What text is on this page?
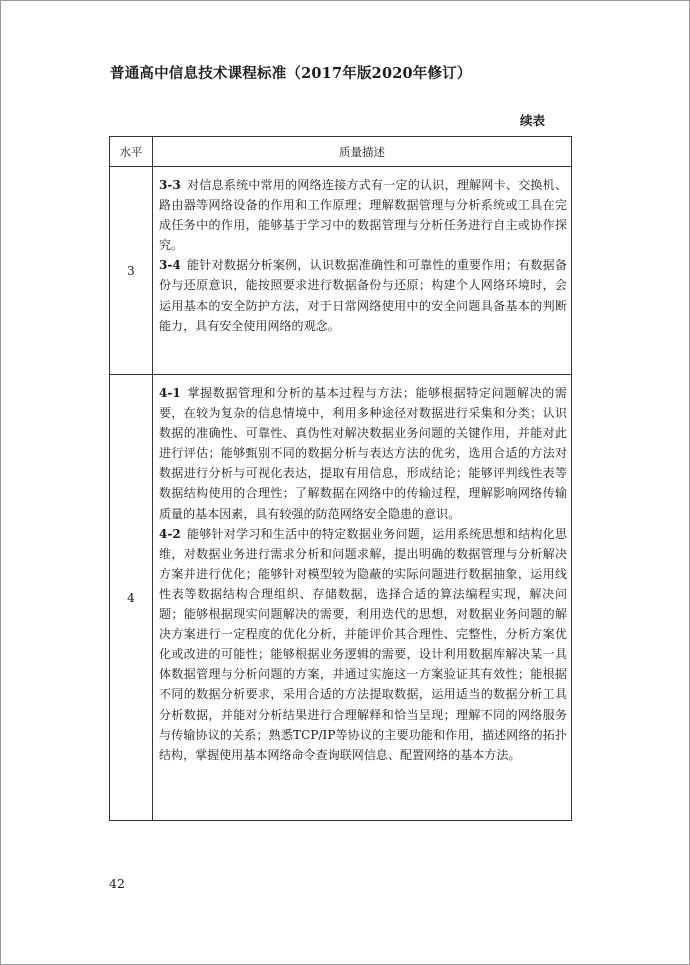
普通高中信息技术课程标准（2017年版2020年修订）
续表
水平	质量描述
3	3-3 对信息系统中常用的网络连接方式有一定的认识，理解网卡、交换机、路由器等网络设备的作用和工作原理；理解数据管理与分析系统或工具在完成任务中的作用，能够基于学习中的数据管理与分析任务进行自主或协作探究。

3-4 能针对数据分析案例，认识数据准确性和可靠性的重要作用；有数据备份与还原意识，能按照要求进行数据备份与还原；构建个人网络环境时，会运用基本的安全防护方法，对于日常网络使用中的安全问题具备基本的判断能力，具有安全使用网络的观念。

4	4-1 掌握数据管理和分析的基本过程与方法；能够根据特定问题解决的需要，在较为复杂的信息情境中，利用多种途径对数据进行采集和分类；认识数据的准确性、可靠性、真伪性对解决数据业务问题的关键作用，并能对此进行评估；能够甄别不同的数据分析与表达方法的优劣，选用合适的方法对数据进行分析与可视化表达，提取有用信息，形成结论；能够评判线性表等数据结构使用的合理性；了解数据在网络中的传输过程，理解影响网络传输质量的基本因素，具有较强的防范网络安全隐患的意识。

4-2 能够针对学习和生活中的特定数据业务问题，运用系统思想和结构化思维，对数据业务进行需求分析和问题求解，提出明确的数据管理与分析解决方案并进行优化；能够针对模型较为隐蔽的实际问题进行数据抽象，运用线性表等数据结构合理组织、存储数据，选择合适的算法编程实现，解决问题；能够根据现实问题解决的需要，利用迭代的思想，对数据业务问题的解决方案进行一定程度的优化分析，并能评价其合理性、完整性，分析方案优化或改进的可能性；能够根据业务逻辑的需要，设计利用数据库解决某一具体数据管理与分析问题的方案，并通过实施这一方案验证其有效性；能根据不同的数据分析要求，采用合适的方法提取数据，运用适当的数据分析工具分析数据，并能对分析结果进行合理解释和恰当呈现；理解不同的网络服务与传输协议的关系；熟悉TCP/IP等协议的主要功能和作用，描述网络的拓扑结构，掌握使用基本网络命令查询联网信息、配置网络的基本方法。

42
